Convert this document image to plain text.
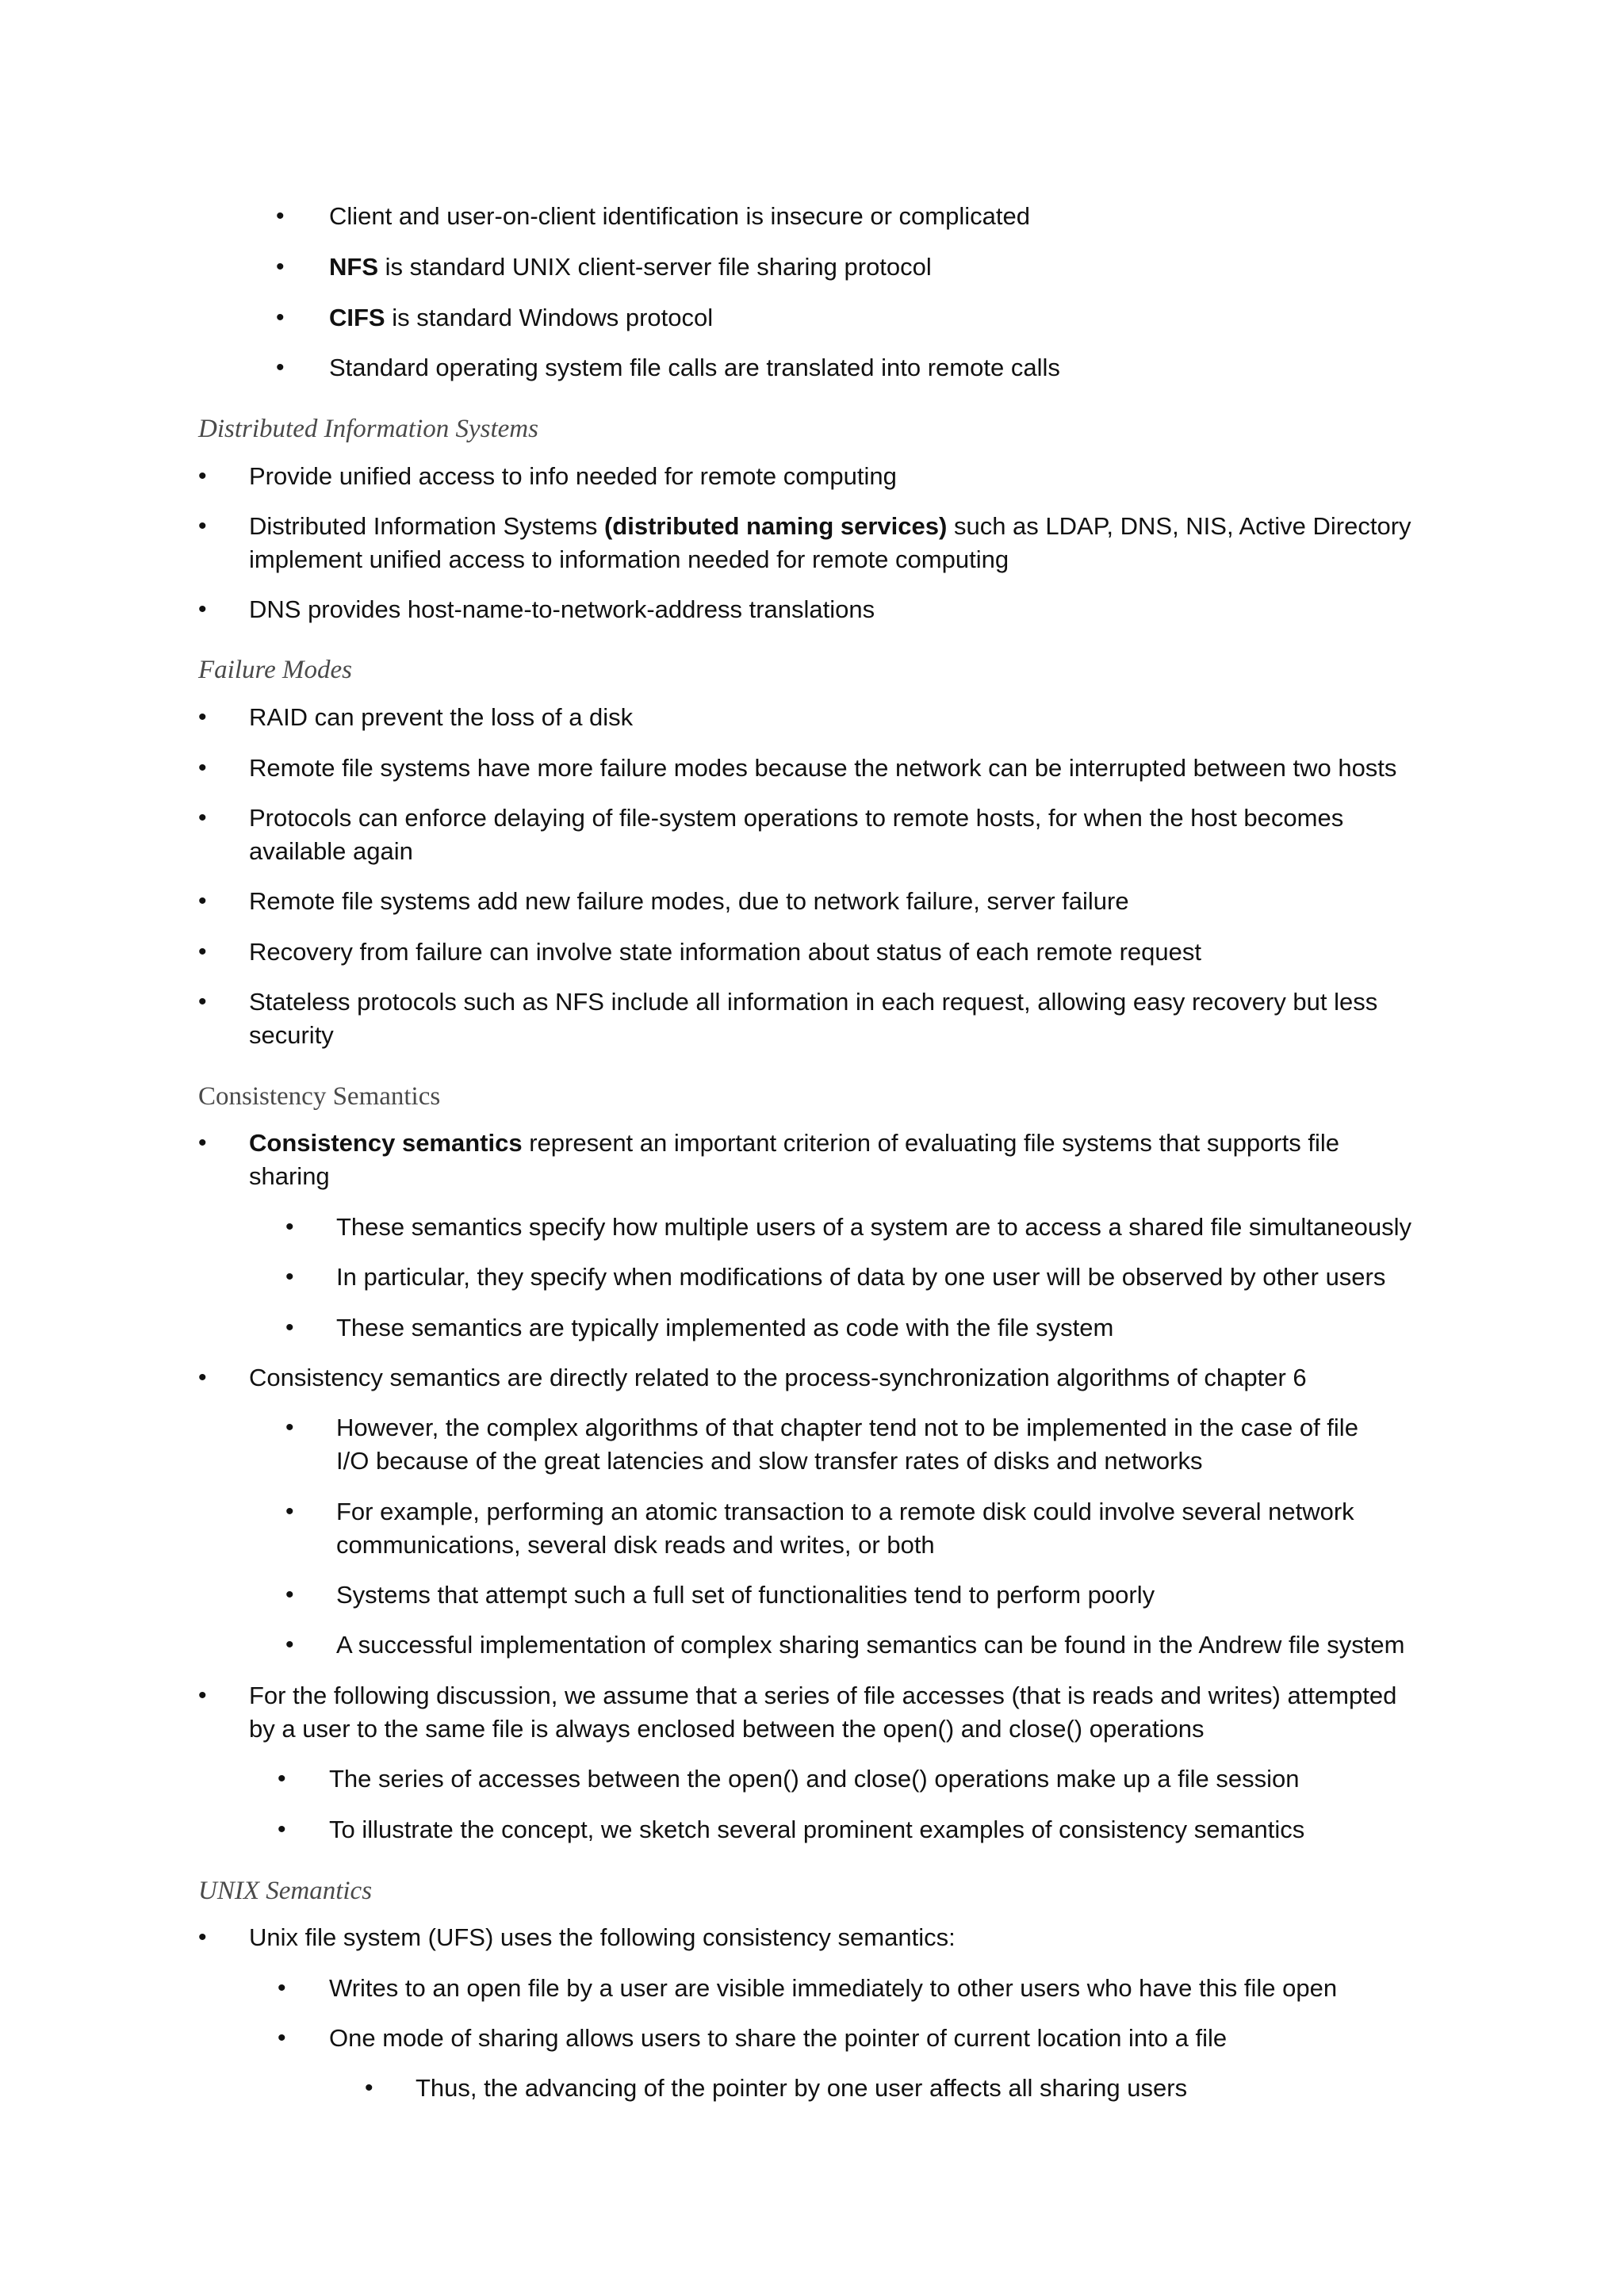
• Client and user-on-client identification is insecure or complicated
• NFS is standard UNIX client-server file sharing protocol
• CIFS is standard Windows protocol
• Standard operating system file calls are translated into remote calls
Distributed Information Systems
• Provide unified access to info needed for remote computing
• Distributed Information Systems (distributed naming services) such as LDAP, DNS, NIS, Active Directory
implement unified access to information needed for remote computing
• DNS provides host-name-to-network-address translations
Failure Modes
• RAID can prevent the loss of a disk
• Remote file systems have more failure modes because the network can be interrupted between two hosts
• Protocols can enforce delaying of file-system operations to remote hosts, for when the host becomes
available again
• Remote file systems add new failure modes, due to network failure, server failure
• Recovery from failure can involve state information about status of each remote request
• Stateless protocols such as NFS include all information in each request, allowing easy recovery but less
security
Consistency Semantics
• Consistency semantics represent an important criterion of evaluating file systems that supports file
sharing
• These semantics specify how multiple users of a system are to access a shared file simultaneously
• In particular, they specify when modifications of data by one user will be observed by other users
• These semantics are typically implemented as code with the file system
• Consistency semantics are directly related to the process-synchronization algorithms of chapter 6
• However, the complex algorithms of that chapter tend not to be implemented in the case of file
I/O because of the great latencies and slow transfer rates of disks and networks
• For example, performing an atomic transaction to a remote disk could involve several network
communications, several disk reads and writes, or both
• Systems that attempt such a full set of functionalities tend to perform poorly
• A successful implementation of complex sharing semantics can be found in the Andrew file system
• For the following discussion, we assume that a series of file accesses (that is reads and writes) attempted
by a user to the same file is always enclosed between the open() and close() operations
• The series of accesses between the open() and close() operations make up a file session
• To illustrate the concept, we sketch several prominent examples of consistency semantics
UNIX Semantics
• Unix file system (UFS) uses the following consistency semantics:
• Writes to an open file by a user are visible immediately to other users who have this file open
• One mode of sharing allows users to share the pointer of current location into a file
• Thus, the advancing of the pointer by one user affects all sharing users
